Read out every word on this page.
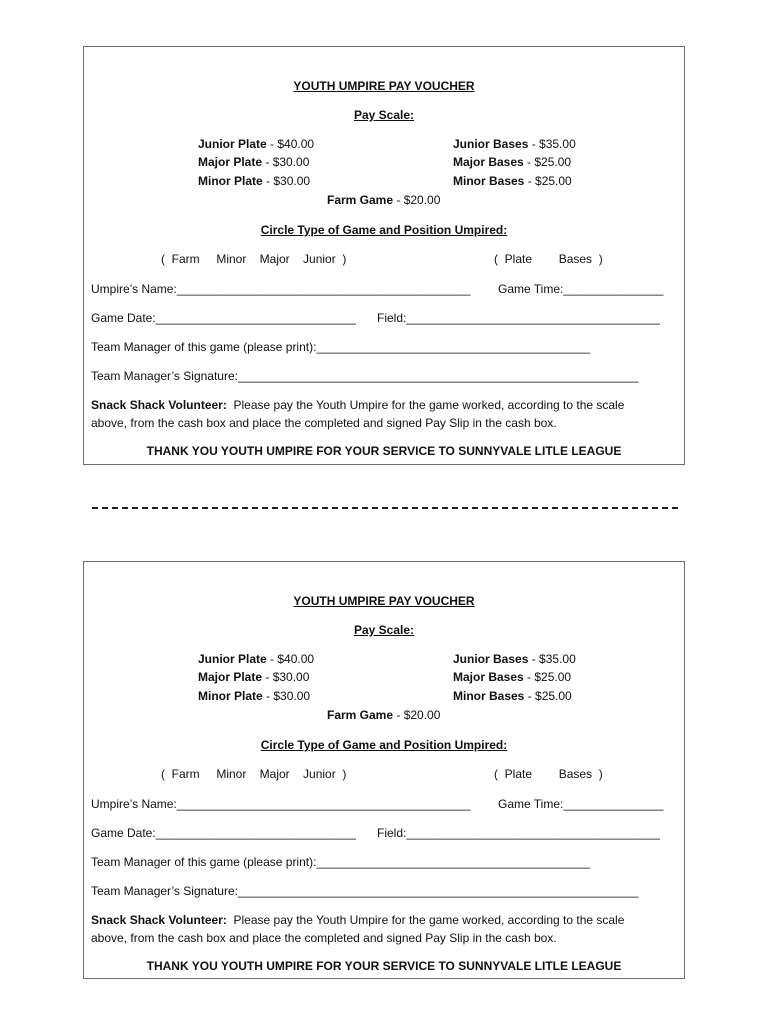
YOUTH UMPIRE PAY VOUCHER
Pay Scale:
Junior Plate - $40.00
Major Plate - $30.00
Minor Plate - $30.00
Junior Bases - $35.00
Major Bases - $25.00
Minor Bases - $25.00
Farm Game - $20.00
Circle Type of Game and Position Umpired:
(  Farm     Minor    Major    Junior  )	(  Plate        Bases  )
Umpire’s Name:____________________________________________ Game Time:_______________
Game Date:______________________________ Field:______________________________________
Team Manager of this game (please print):_________________________________________
Team Manager’s Signature:____________________________________________________________
Snack Shack Volunteer:  Please pay the Youth Umpire for the game worked, according to the scale
above, from the cash box and place the completed and signed Pay Slip in the cash box.
THANK YOU YOUTH UMPIRE FOR YOUR SERVICE TO SUNNYVALE LITLE LEAGUE
YOUTH UMPIRE PAY VOUCHER
Pay Scale:
Junior Plate - $40.00
Major Plate - $30.00
Minor Plate - $30.00
Junior Bases - $35.00
Major Bases - $25.00
Minor Bases - $25.00
Farm Game - $20.00
Circle Type of Game and Position Umpired:
(  Farm     Minor    Major    Junior  )	(  Plate        Bases  )
Umpire’s Name:____________________________________________ Game Time:_______________
Game Date:______________________________ Field:______________________________________
Team Manager of this game (please print):_________________________________________
Team Manager’s Signature:____________________________________________________________
Snack Shack Volunteer:  Please pay the Youth Umpire for the game worked, according to the scale
above, from the cash box and place the completed and signed Pay Slip in the cash box.
THANK YOU YOUTH UMPIRE FOR YOUR SERVICE TO SUNNYVALE LITLE LEAGUE
